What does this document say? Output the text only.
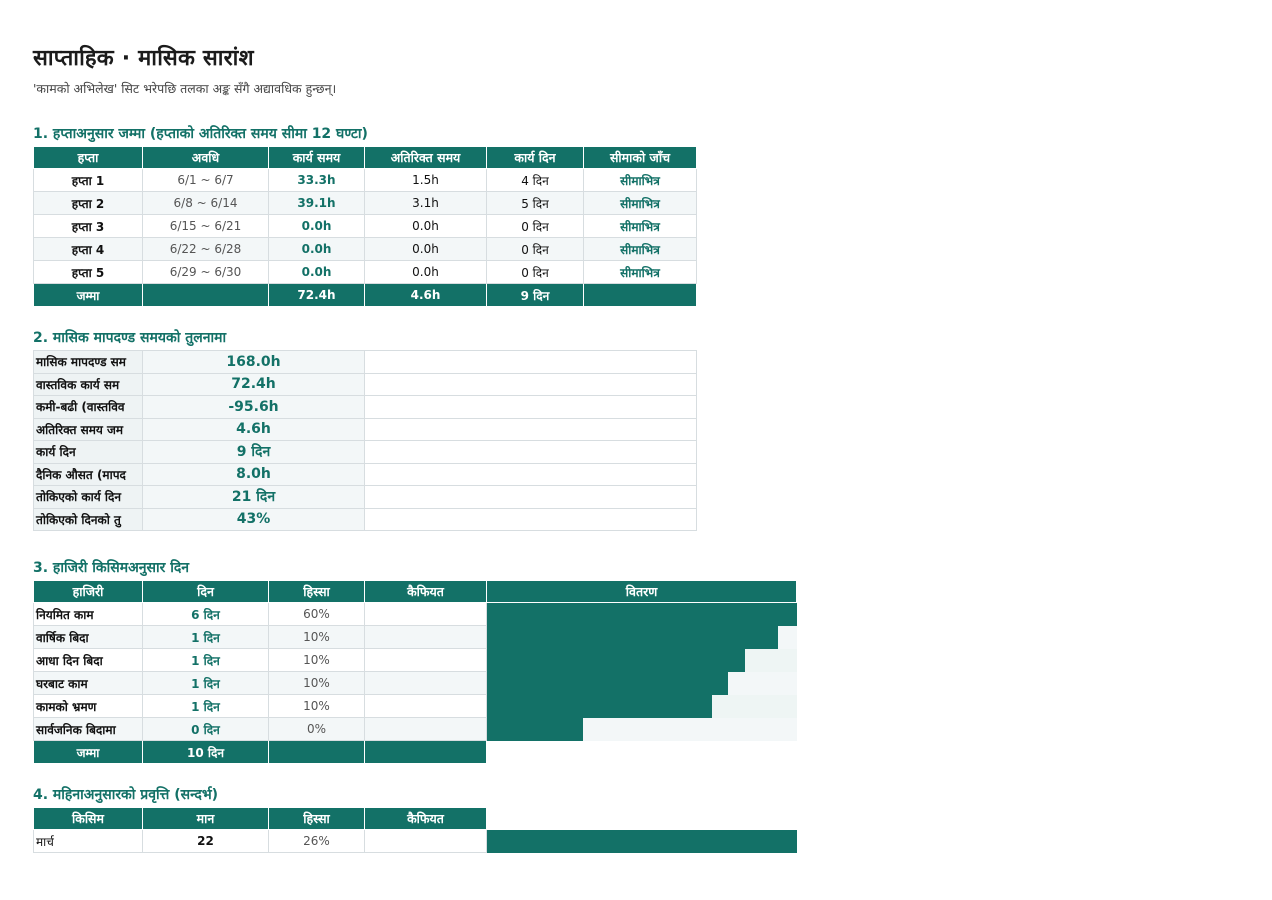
साप्ताहिक · मासिक सारांश
'कामको अभिलेख' सिट भरेपछि तलका अङ्क सँगै अद्यावधिक हुन्छन्।
1. हप्ताअनुसार जम्मा (हप्ताको अतिरिक्त समय सीमा 12 घण्टा)
हप्ता	अवधि	कार्य समय	अतिरिक्त समय	कार्य दिन	सीमाको जाँच
हप्ता 1	6/1 ~ 6/7	33.3h	1.5h	4 दिन	सीमाभित्र
हप्ता 2	6/8 ~ 6/14	39.1h	3.1h	5 दिन	सीमाभित्र
हप्ता 3	6/15 ~ 6/21	0.0h	0.0h	0 दिन	सीमाभित्र
हप्ता 4	6/22 ~ 6/28	0.0h	0.0h	0 दिन	सीमाभित्र
हप्ता 5	6/29 ~ 6/30	0.0h	0.0h	0 दिन	सीमाभित्र
जम्मा		72.4h	4.6h	9 दिन	
2. मासिक मापदण्ड समयको तुलनामा
मासिक मापदण्ड सम	168.0h	
वास्तविक कार्य सम	72.4h	
कमी-बढी (वास्तविव	-95.6h	
अतिरिक्त समय जम	4.6h	
कार्य दिन	9 दिन	
दैनिक औसत (मापद	8.0h	
तोकिएको कार्य दिन	21 दिन	
तोकिएको दिनको तु	43%	
3. हाजिरी किसिमअनुसार दिन
हाजिरी	दिन	हिस्सा	कैफियत	वितरण
नियमित काम	6 दिन	60%		

वार्षिक बिदा	1 दिन	10%		

आधा दिन बिदा	1 दिन	10%		

घरबाट काम	1 दिन	10%		

कामको भ्रमण	1 दिन	10%		

सार्वजनिक बिदामा	0 दिन	0%		

जम्मा	10 दिन			
4. महिनाअनुसारको प्रवृत्ति (सन्दर्भ)
किसिम	मान	हिस्सा	कैफियत	
मार्च	22	26%		
